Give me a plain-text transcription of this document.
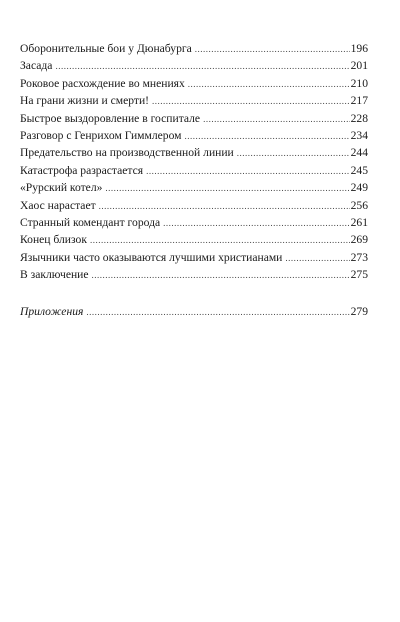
Оборонительные бои у Дюнабурга .....	196
Засада .....	201
Роковое расхождение во мнениях .....	210
На грани жизни и смерти! .....	217
Быстрое выздоровление в госпитале .....	228
Разговор с Генрихом Гиммлером .....	234
Предательство на производственной линии .....	244
Катастрофа разрастается .....	245
«Рурский котел» .....	249
Хаос нарастает .....	256
Странный комендант города .....	261
Конец близок .....	269
Язычники часто оказываются лучшими христианами .....	273
В заключение .....	275
Приложения .....	279
